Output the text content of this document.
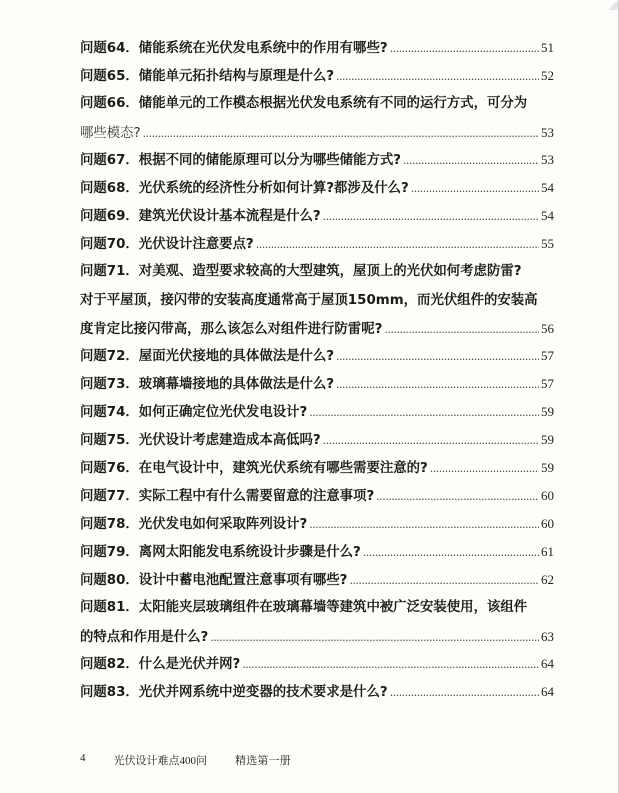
问题64．储能系统在光伏发电系统中的作用有哪些? .....	51
问题65．储能单元拓扑结构与原理是什么? .....	52
问题66．储能单元的工作模态根据光伏发电系统有不同的运行方式，可分为
哪些模态? .....	53
问题67．根据不同的储能原理可以分为哪些储能方式? .....	53
问题68．光伏系统的经济性分析如何计算?都涉及什么? .....	54
问题69．建筑光伏设计基本流程是什么? .....	54
问题70．光伏设计注意要点? .....	55
问题71．对美观、造型要求较高的大型建筑，屋顶上的光伏如何考虑防雷?
对于平屋顶，接闪带的安装高度通常高于屋顶150mm，而光伏组件的安装高
度肯定比接闪带高，那么该怎么对组件进行防雷呢? .....	56
问题72．屋面光伏接地的具体做法是什么? .....	57
问题73．玻璃幕墙接地的具体做法是什么? .....	57
问题74．如何正确定位光伏发电设计? .....	59
问题75．光伏设计考虑建造成本高低吗? .....	59
问题76．在电气设计中，建筑光伏系统有哪些需要注意的? .....	59
问题77．实际工程中有什么需要留意的注意事项? .....	60
问题78．光伏发电如何采取阵列设计? .....	60
问题79．离网太阳能发电系统设计步骤是什么? .....	61
问题80．设计中蓄电池配置注意事项有哪些? .....	62
问题81．太阳能夹层玻璃组件在玻璃幕墙等建筑中被广泛安装使用，该组件
的特点和作用是什么? .....	63
问题82．什么是光伏并网? .....	64
问题83．光伏并网系统中逆变器的技术要求是什么? .....	64
4	光伏设计难点400问	精选第一册
